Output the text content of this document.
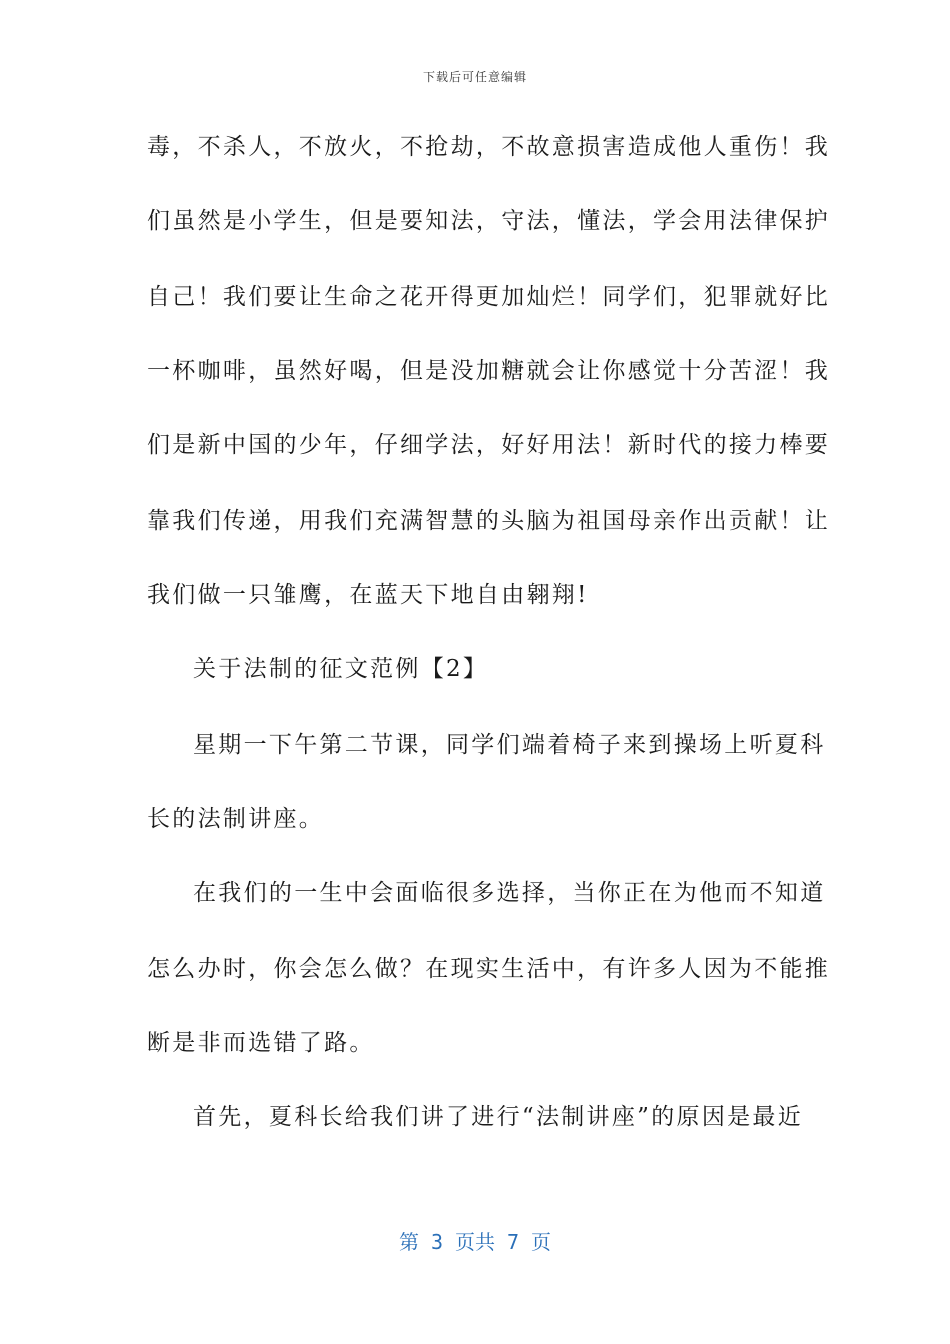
下载后可任意编辑
毒，不杀人，不放火，不抢劫，不故意损害造成他人重伤！我
们虽然是小学生，但是要知法，守法，懂法，学会用法律保护
自己！我们要让生命之花开得更加灿烂！同学们，犯罪就好比
一杯咖啡，虽然好喝，但是没加糖就会让你感觉十分苦涩！我
们是新中国的少年，仔细学法，好好用法！新时代的接力棒要
靠我们传递，用我们充满智慧的头脑为祖国母亲作出贡献！让
我们做一只雏鹰，在蓝天下地自由翱翔!
关于法制的征文范例【2】
星期一下午第二节课，同学们端着椅子来到操场上听夏科
长的法制讲座。
在我们的一生中会面临很多选择，当你正在为他而不知道
怎么办时，你会怎么做？在现实生活中，有许多人因为不能推
断是非而选错了路。
首先，夏科长给我们讲了进行“法制讲座”的原因是最近
第 3 页共 7 页
